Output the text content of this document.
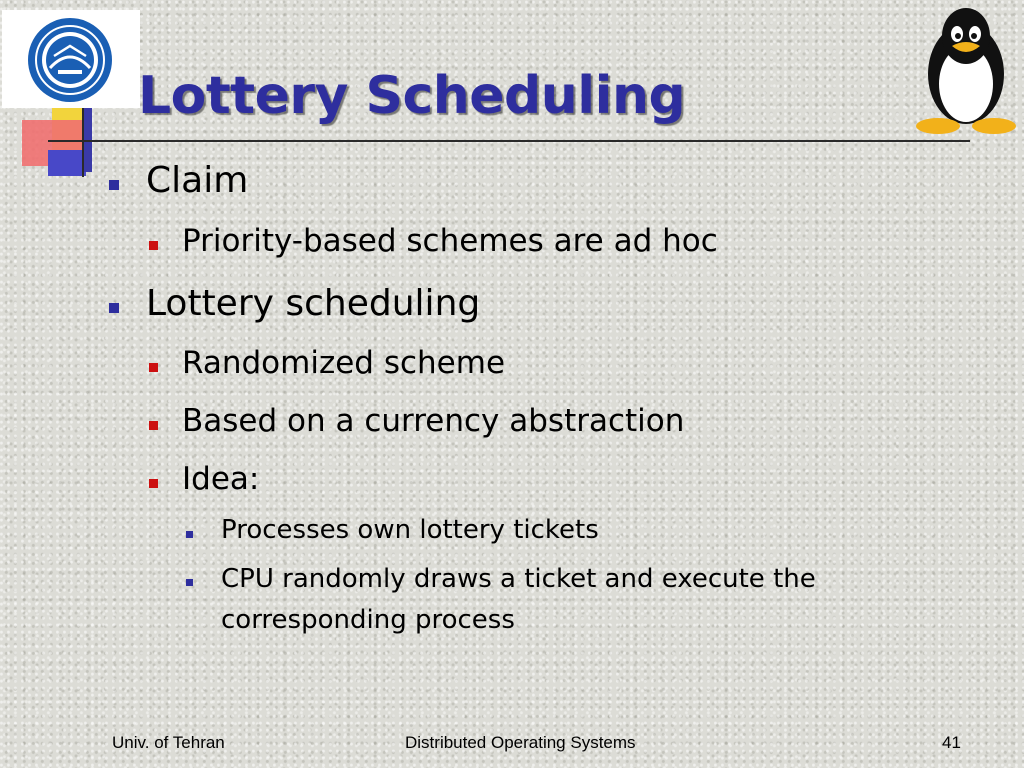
Lottery Scheduling
Claim
Priority-based schemes are ad hoc
Lottery scheduling
Randomized scheme
Based on a currency abstraction
Idea:
Processes own lottery tickets
CPU randomly draws a ticket and execute the
corresponding process
Univ. of Tehran	Distributed Operating Systems	41
